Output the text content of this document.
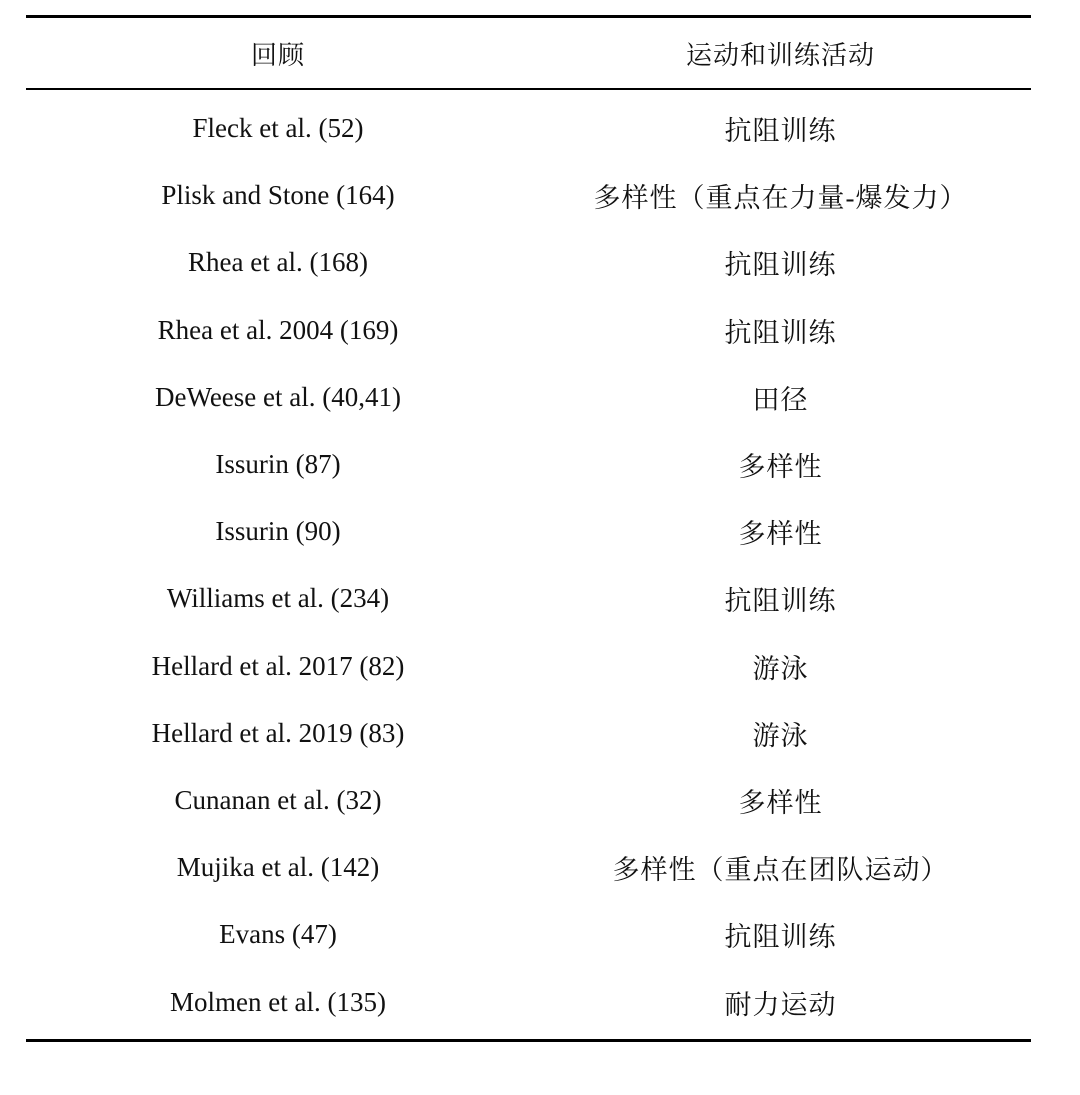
回顾	运动和训练活动
Fleck et al. (52)	抗阻训练
Plisk and Stone (164)	多样性（重点在力量-爆发力）
Rhea et al. (168)	抗阻训练
Rhea et al. 2004 (169)	抗阻训练
DeWeese et al. (40,41)	田径
Issurin (87)	多样性
Issurin (90)	多样性
Williams et al. (234)	抗阻训练
Hellard et al. 2017 (82)	游泳
Hellard et al. 2019 (83)	游泳
Cunanan et al. (32)	多样性
Mujika et al. (142)	多样性（重点在团队运动）
Evans (47)	抗阻训练
Molmen et al. (135)	耐力运动
